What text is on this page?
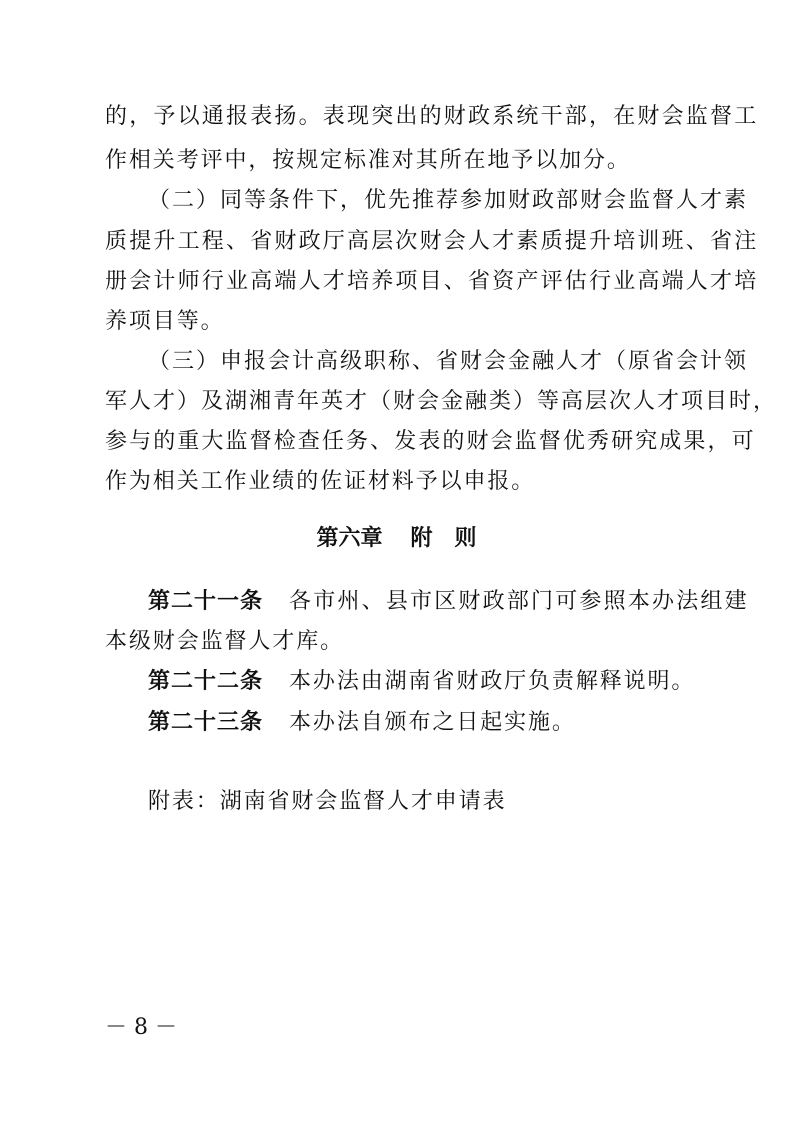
的，予以通报表扬。表现突出的财政系统干部，在财会监督工
作相关考评中，按规定标准对其所在地予以加分。
（二）同等条件下，优先推荐参加财政部财会监督人才素
质提升工程、省财政厅高层次财会人才素质提升培训班、省注
册会计师行业高端人才培养项目、省资产评估行业高端人才培
养项目等。
（三）申报会计高级职称、省财会金融人才（原省会计领
军人才）及湖湘青年英才（财会金融类）等高层次人才项目时，
参与的重大监督检查任务、发表的财会监督优秀研究成果，可
作为相关工作业绩的佐证材料予以申报。
第六章 附　则
第二十一条 各市州、县市区财政部门可参照本办法组建
本级财会监督人才库。
第二十二条 本办法由湖南省财政厅负责解释说明。
第二十三条 本办法自颁布之日起实施。
附表：湖南省财会监督人才申请表
－ 8 －
